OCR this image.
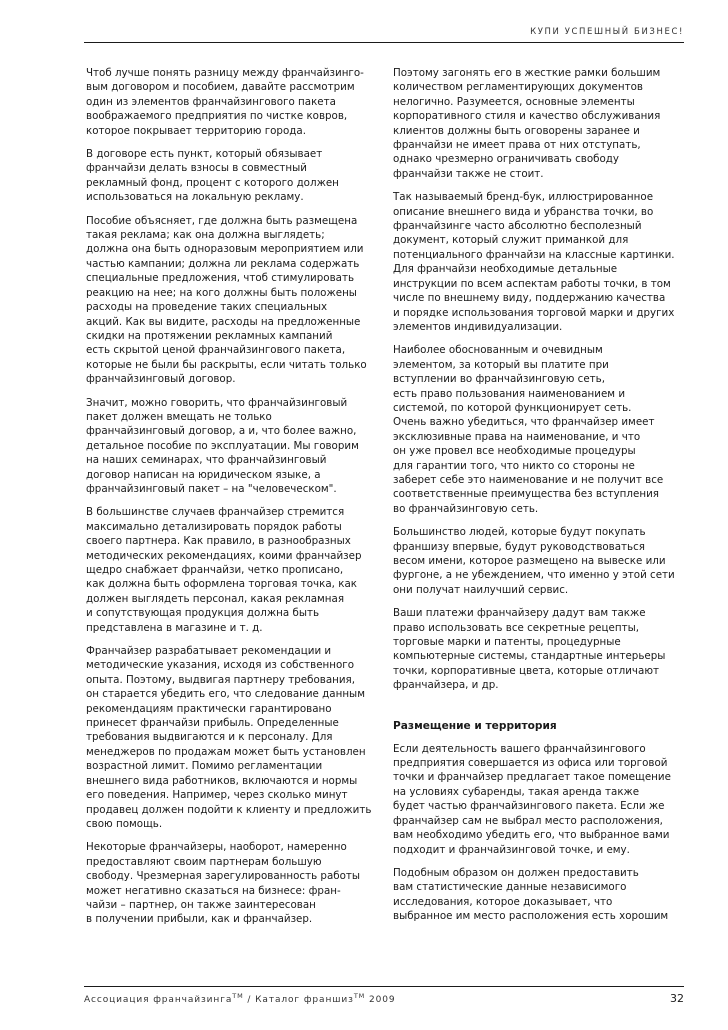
КУПИ УСПЕШНЫЙ БИЗНЕС!

Чтоб лучше понять разницу между франчайзинго-
вым договором и пособием, давайте рассмотрим
один из элементов франчайзингового пакета
воображаемого предприятия по чистке ковров,
которое покрывает территорию города.

В договоре есть пункт, который обязывает
франчайзи делать взносы в совместный
рекламный фонд, процент с которого должен
использоваться на локальную рекламу.

Пособие объясняет, где должна быть размещена
такая реклама; как она должна выглядеть;
должна она быть одноразовым мероприятием или
частью кампании; должна ли реклама содержать
специальные предложения, чтоб стимулировать
реакцию на нее; на кого должны быть положены
расходы на проведение таких специальных
акций. Как вы видите, расходы на предложенные
скидки на протяжении рекламных кампаний
есть скрытой ценой франчайзингового пакета,
которые не были бы раскрыты, если читать только
франчайзинговый договор.

Значит, можно говорить, что франчайзинговый
пакет должен вмещать не только
франчайзинговый договор, а и, что более важно,
детальное пособие по эксплуатации. Мы говорим
на наших семинарах, что франчайзинговый
договор написан на юридическом языке, а
франчайзинговый пакет – на "человеческом".

В большинстве случаев франчайзер стремится
максимально детализировать порядок работы
своего партнера. Как правило, в разнообразных
методических рекомендациях, коими франчайзер
щедро снабжает франчайзи, четко прописано,
как должна быть оформлена торговая точка, как
должен выглядеть персонал, какая рекламная
и сопутствующая продукция должна быть
представлена в магазине и т. д.

Франчайзер разрабатывает рекомендации и
методические указания, исходя из собственного
опыта. Поэтому, выдвигая партнеру требования,
он старается убедить его, что следование данным
рекомендациям практически гарантировано
принесет франчайзи прибыль. Определенные
требования выдвигаются и к персоналу. Для
менеджеров по продажам может быть установлен
возрастной лимит. Помимо регламентации
внешнего вида работников, включаются и нормы
его поведения. Например, через сколько минут
продавец должен подойти к клиенту и предложить
свою помощь.

Некоторые франчайзеры, наоборот, намеренно
предоставляют своим партнерам большую
свободу. Чрезмерная зарегулированность работы
может негативно сказаться на бизнесе: фран-
чайзи – партнер, он также заинтересован
в получении прибыли, как и франчайзер.

Поэтому загонять его в жесткие рамки большим
количеством регламентирующих документов
нелогично. Разумеется, основные элементы
корпоративного стиля и качество обслуживания
клиентов должны быть оговорены заранее и
франчайзи не имеет права от них отступать,
однако чрезмерно ограничивать свободу
франчайзи также не стоит.

Так называемый бренд-бук, иллюстрированное
описание внешнего вида и убранства точки, во
франчайзинге часто абсолютно бесполезный
документ, который служит приманкой для
потенциального франчайзи на классные картинки.
Для франчайзи необходимые детальные
инструкции по всем аспектам работы точки, в том
числе по внешнему виду, поддержанию качества
и порядке использования торговой марки и других
элементов индивидуализации.

Наиболее обоснованным и очевидным
элементом, за который вы платите при
вступлении во франчайзинговую сеть,
есть право пользования наименованием и
системой, по которой функционирует сеть.
Очень важно убедиться, что франчайзер имеет
эксклюзивные права на наименование, и что
он уже провел все необходимые процедуры
для гарантии того, что никто со стороны не
заберет себе это наименование и не получит все
соответственные преимущества без вступления
во франчайзинговую сеть.

Большинство людей, которые будут покупать
франшизу впервые, будут руководствоваться
весом имени, которое размещено на вывеске или
фургоне, а не убеждением, что именно у этой сети
они получат наилучший сервис.

Ваши платежи франчайзеру дадут вам также
право использовать все секретные рецепты,
торговые марки и патенты, процедурные
компьютерные системы, стандартные интерьеры
точки, корпоративные цвета, которые отличают
франчайзера, и др.

Размещение и территория

Если деятельность вашего франчайзингового
предприятия совершается из офиса или торговой
точки и франчайзер предлагает такое помещение
на условиях субаренды, такая аренда также
будет частью франчайзингового пакета. Если же
франчайзер сам не выбрал место расположения,
вам необходимо убедить его, что выбранное вами
подходит и франчайзинговой точке, и ему.

Подобным образом он должен предоставить
вам статистические данные независимого
исследования, которое доказывает, что
выбранное им место расположения есть хорошим

Ассоциация франчайзинга™ / Каталог франшиз™ 2009	32
